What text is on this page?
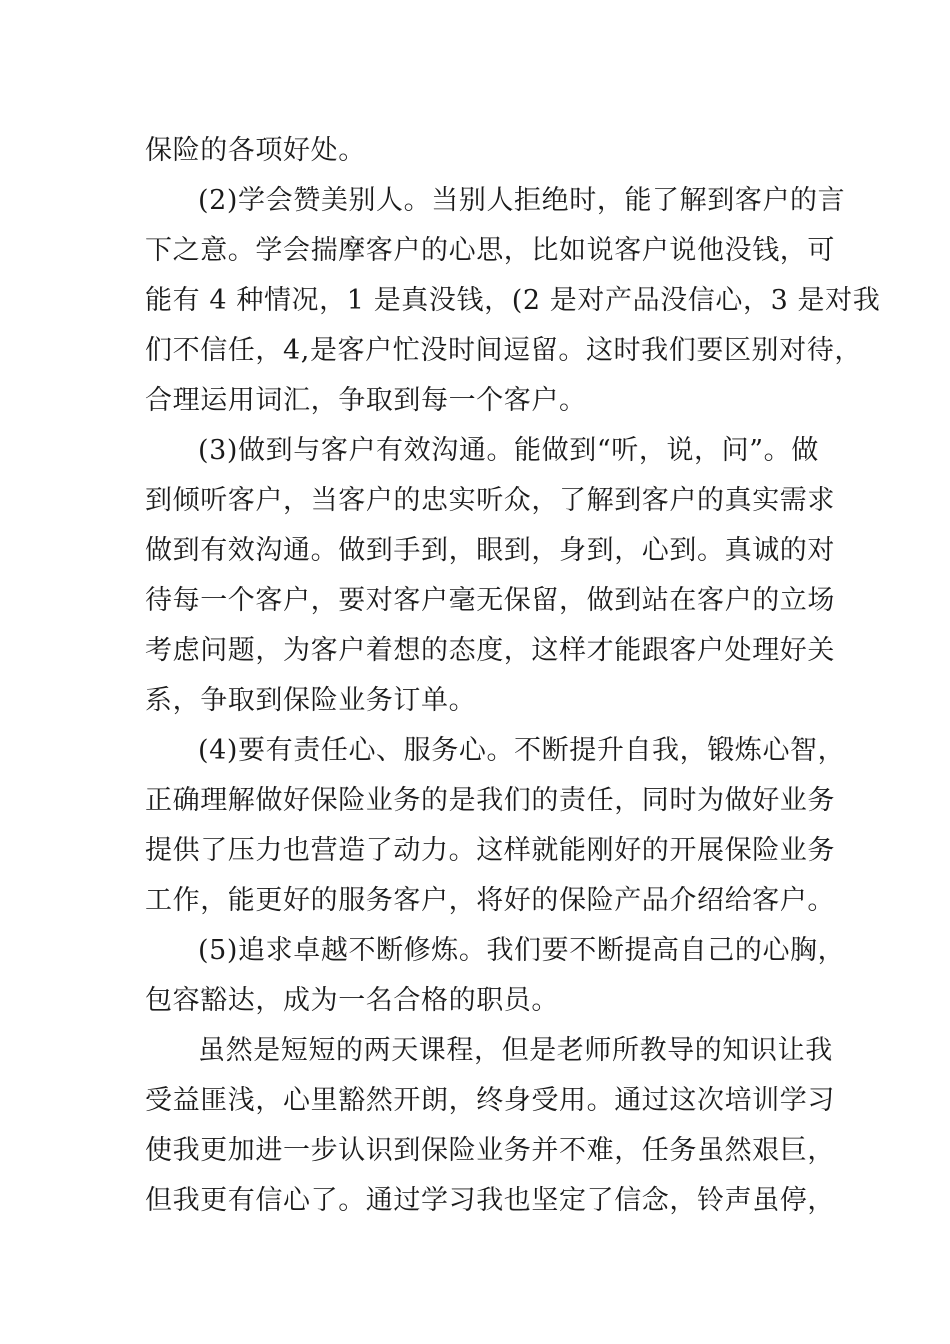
保险的各项好处。
(2)学会赞美别人。当别人拒绝时，能了解到客户的言
下之意。学会揣摩客户的心思，比如说客户说他没钱，可
能有 4 种情况，1 是真没钱，(2 是对产品没信心，3 是对我
们不信任，4,是客户忙没时间逗留。这时我们要区别对待，
合理运用词汇，争取到每一个客户。
(3)做到与客户有效沟通。能做到“听，说，问”。做
到倾听客户，当客户的忠实听众，了解到客户的真实需求
做到有效沟通。做到手到，眼到，身到，心到。真诚的对
待每一个客户，要对客户毫无保留，做到站在客户的立场
考虑问题，为客户着想的态度，这样才能跟客户处理好关
系，争取到保险业务订单。
(4)要有责任心、服务心。不断提升自我，锻炼心智，
正确理解做好保险业务的是我们的责任，同时为做好业务
提供了压力也营造了动力。这样就能刚好的开展保险业务
工作，能更好的服务客户，将好的保险产品介绍给客户。
(5)追求卓越不断修炼。我们要不断提高自己的心胸，
包容豁达，成为一名合格的职员。
虽然是短短的两天课程，但是老师所教导的知识让我
受益匪浅，心里豁然开朗，终身受用。通过这次培训学习
使我更加进一步认识到保险业务并不难，任务虽然艰巨，
但我更有信心了。通过学习我也坚定了信念，铃声虽停，
